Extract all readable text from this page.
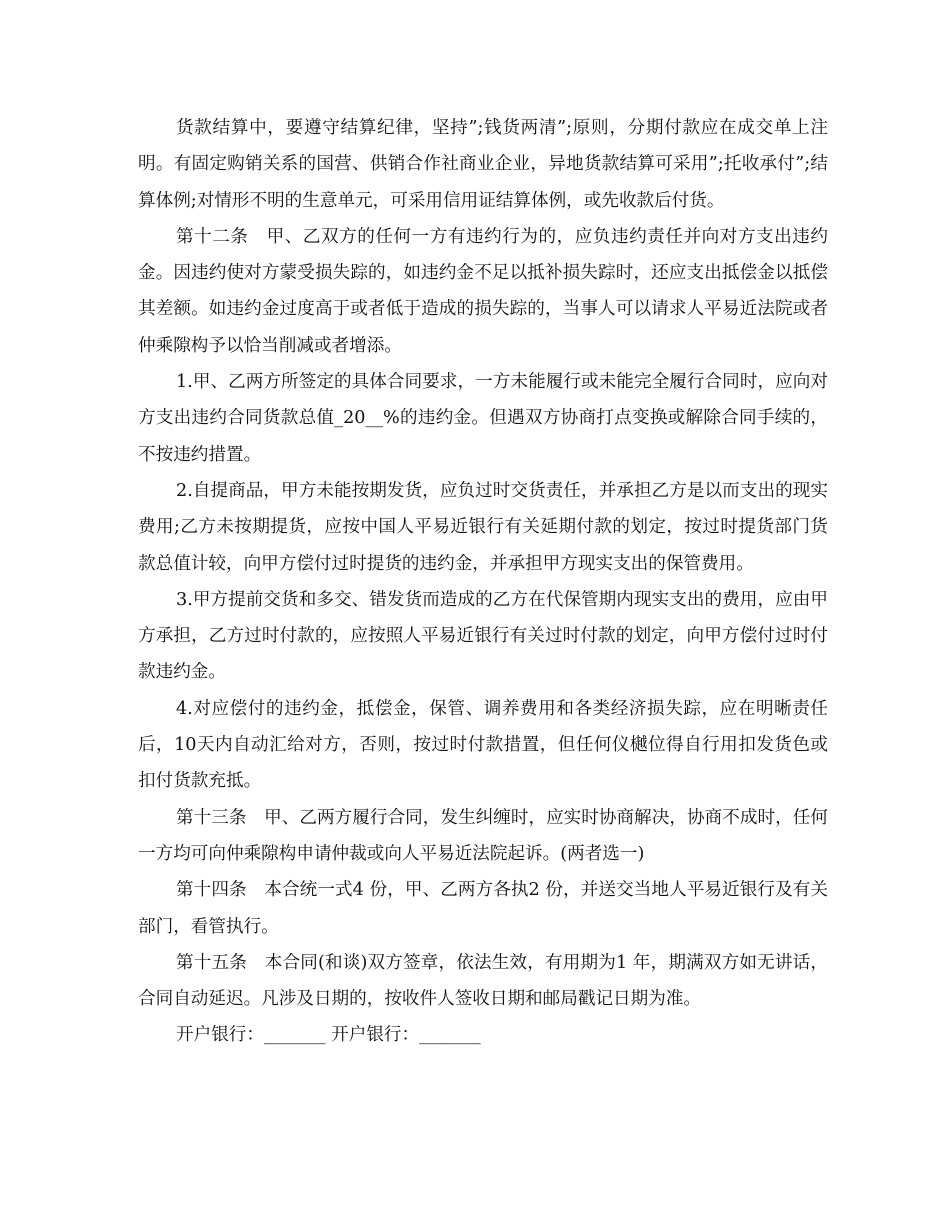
货款结算中，要遵守结算纪律，坚持”;钱货两清”;原则，分期付款应在成交单上注明。有固定购销关系的国营、供销合作社商业企业，异地货款结算可采用”;托收承付”;结算体例;对情形不明的生意单元，可采用信用证结算体例，或先收款后付货。

第十二条　甲、乙双方的任何一方有违约行为的，应负违约责任并向对方支出违约金。因违约使对方蒙受损失踪的，如违约金不足以抵补损失踪时，还应支出抵偿金以抵偿其差额。如违约金过度高于或者低于造成的损失踪的，当事人可以请求人平易近法院或者仲乘隙构予以恰当削减或者增添。

1.甲、乙两方所签定的具体合同要求，一方未能履行或未能完全履行合同时，应向对方支出违约合同货款总值_20__%的违约金。但遇双方协商打点变换或解除合同手续的，不按违约措置。

2.自提商品，甲方未能按期发货，应负过时交货责任，并承担乙方是以而支出的现实费用;乙方未按期提货，应按中国人平易近银行有关延期付款的划定，按过时提货部门货款总值计较，向甲方偿付过时提货的违约金，并承担甲方现实支出的保管费用。

3.甲方提前交货和多交、错发货而造成的乙方在代保管期内现实支出的费用，应由甲方承担，乙方过时付款的，应按照人平易近银行有关过时付款的划定，向甲方偿付过时付款违约金。

4.对应偿付的违约金，抵偿金，保管、调养费用和各类经济损失踪，应在明晰责任后，10天内自动汇给对方，否则，按过时付款措置，但任何仪樾位得自行用扣发货色或扣付货款充抵。

第十三条　甲、乙两方履行合同，发生纠缠时，应实时协商解决，协商不成时，任何一方均可向仲乘隙构申请仲裁或向人平易近法院起诉。(两者选一)

第十四条　本合统一式4 份，甲、乙两方各执2 份，并送交当地人平易近银行及有关部门，看管执行。

第十五条　本合同(和谈)双方签章，依法生效，有用期为1 年，期满双方如无讲话，合同自动延迟。凡涉及日期的，按收件人签收日期和邮局戳记日期为准。

开户银行：_______ 开户银行：_______
